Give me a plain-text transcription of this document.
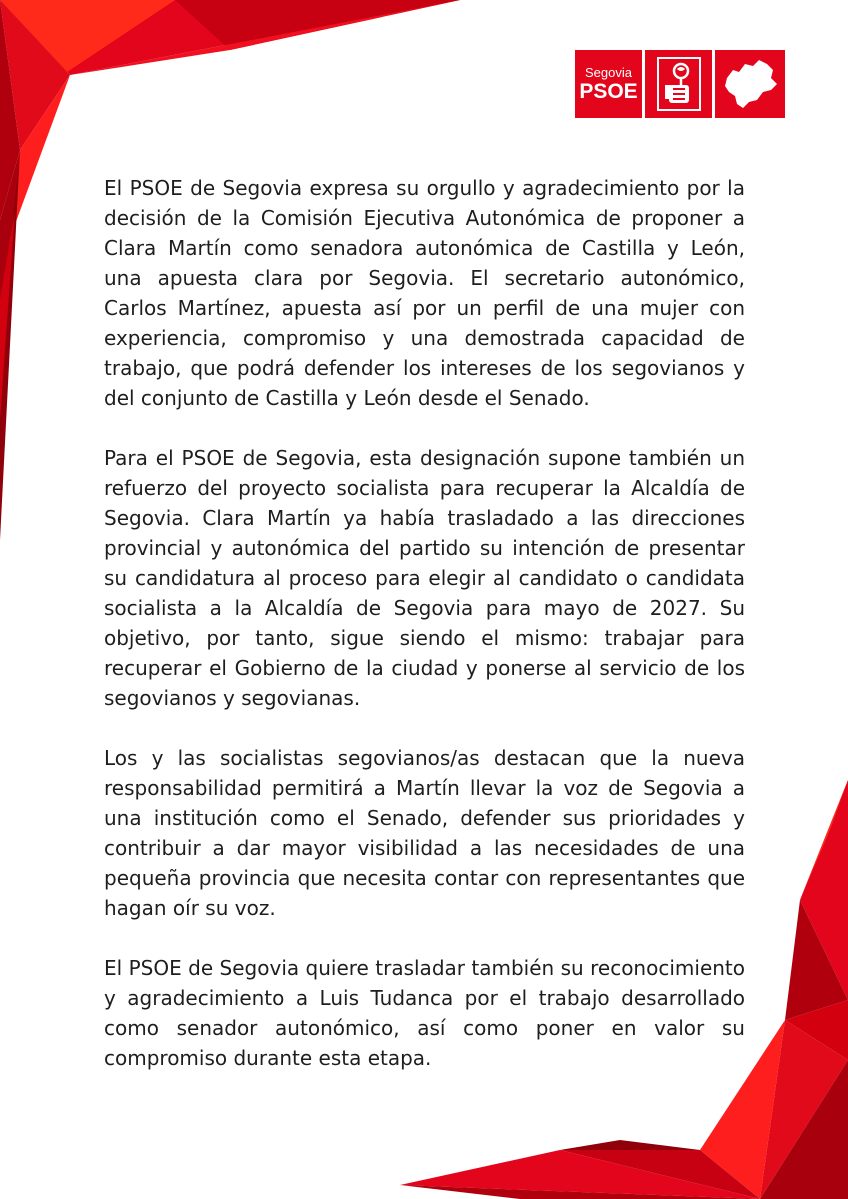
Segovia
PSOE

El PSOE de Segovia expresa su orgullo y agradecimiento por la decisión de la Comisión Ejecutiva Autonómica de proponer a Clara Martín como senadora autonómica de Castilla y León, una apuesta clara por Segovia. El secretario autonómico, Carlos Martínez, apuesta así por un perfil de una mujer con experiencia, compromiso y una demostrada capacidad de trabajo, que podrá defender los intereses de los segovianos y del conjunto de Castilla y León desde el Senado.

Para el PSOE de Segovia, esta designación supone también un refuerzo del proyecto socialista para recuperar la Alcaldía de Segovia. Clara Martín ya había trasladado a las direcciones provincial y autonómica del partido su intención de presentar su candidatura al proceso para elegir al candidato o candidata socialista a la Alcaldía de Segovia para mayo de 2027. Su objetivo, por tanto, sigue siendo el mismo: trabajar para recuperar el Gobierno de la ciudad y ponerse al servicio de los segovianos y segovianas.

Los y las socialistas segovianos/as destacan que la nueva responsabilidad permitirá a Martín llevar la voz de Segovia a una institución como el Senado, defender sus prioridades y contribuir a dar mayor visibilidad a las necesidades de una pequeña provincia que necesita contar con representantes que hagan oír su voz.

El PSOE de Segovia quiere trasladar también su reconocimiento y agradecimiento a Luis Tudanca por el trabajo desarrollado como senador autonómico, así como poner en valor su compromiso durante esta etapa.
